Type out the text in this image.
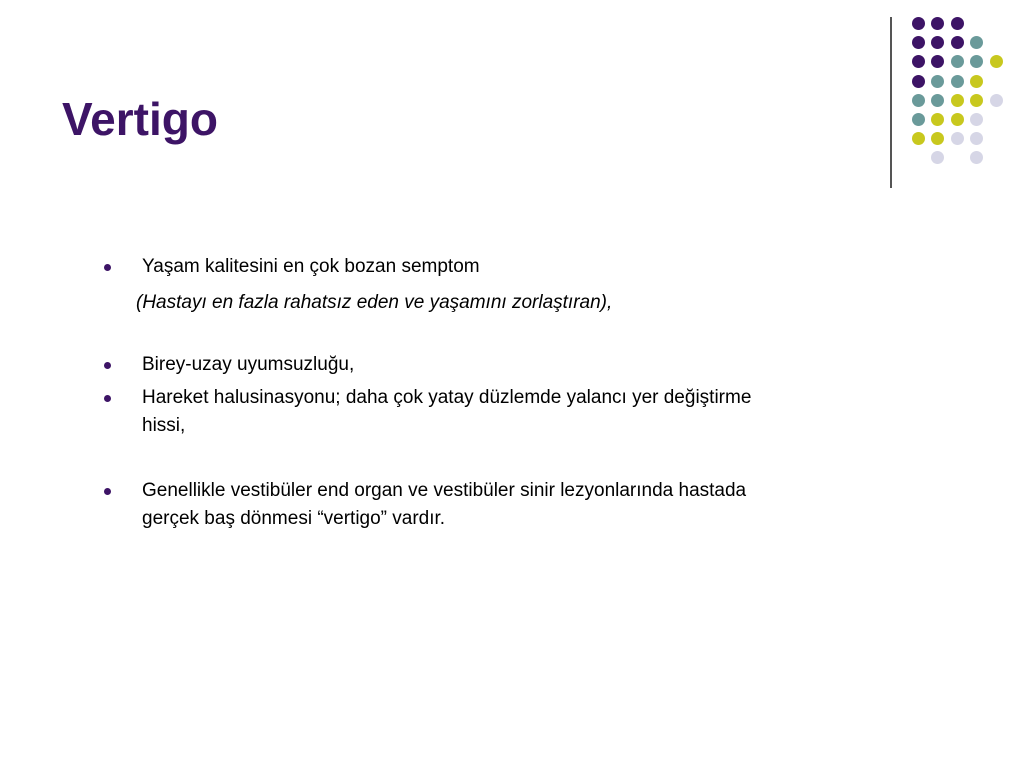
Vertigo
Yaşam kalitesini en çok bozan semptom
(Hastayı en fazla rahatsız eden ve yaşamını zorlaştıran),
Birey-uzay uyumsuzluğu,
Hareket halusinasyonu; daha çok yatay düzlemde yalancı yer değiştirme hissi,
Genellikle vestibüler end organ ve vestibüler sinir lezyonlarında hastada gerçek baş dönmesi “vertigo” vardır.
